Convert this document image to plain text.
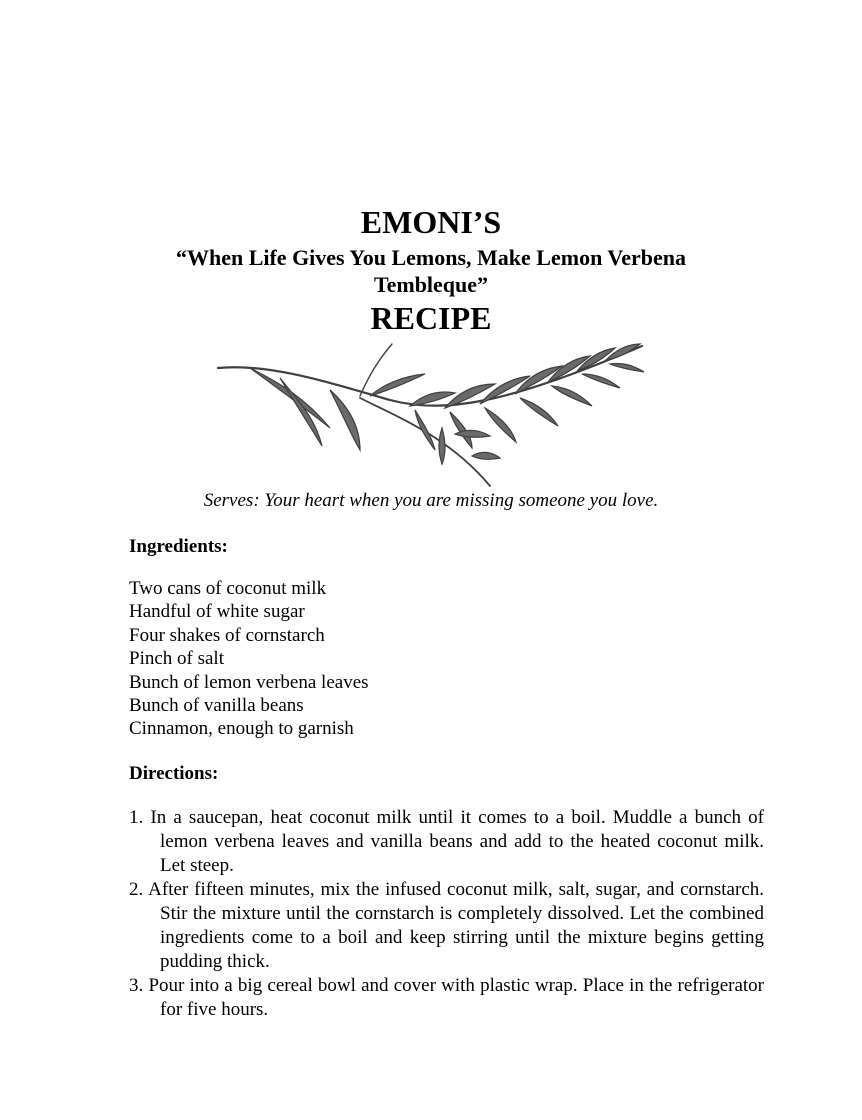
EMONI’S
“When Life Gives You Lemons, Make Lemon Verbena Tembleque”
RECIPE
Serves: Your heart when you are missing someone you love.
Ingredients:
Two cans of coconut milk
Handful of white sugar
Four shakes of cornstarch
Pinch of salt
Bunch of lemon verbena leaves
Bunch of vanilla beans
Cinnamon, enough to garnish
Directions:
1. In a saucepan, heat coconut milk until it comes to a boil. Muddle a bunch of lemon verbena leaves and vanilla beans and add to the heated coconut milk. Let steep.
2. After fifteen minutes, mix the infused coconut milk, salt, sugar, and cornstarch. Stir the mixture until the cornstarch is completely dissolved. Let the combined ingredients come to a boil and keep stirring until the mixture begins getting pudding thick.
3. Pour into a big cereal bowl and cover with plastic wrap. Place in the refrigerator for five hours.
